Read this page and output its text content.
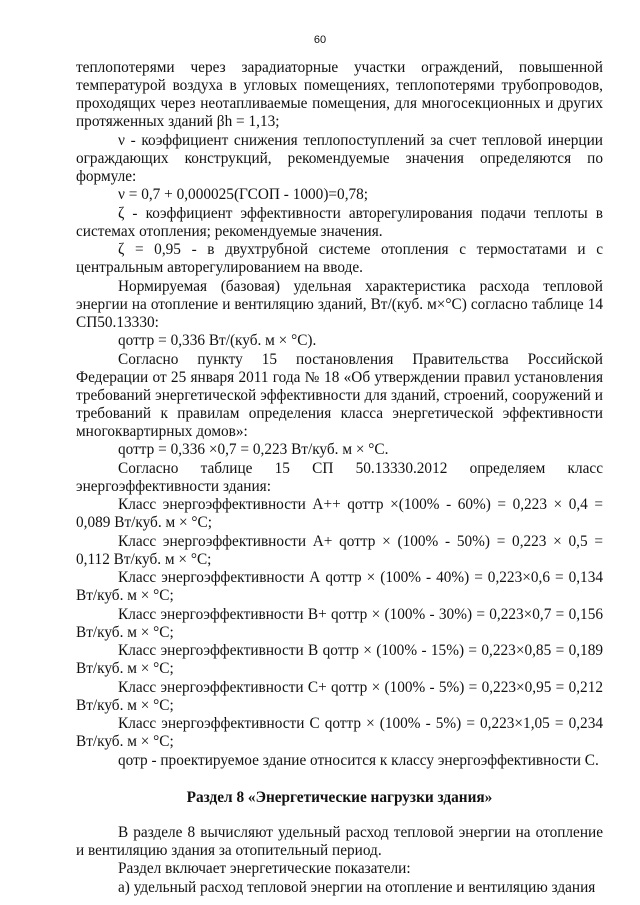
60

теплопотерями через зарадиаторные участки ограждений, повышенной температурой воздуха в угловых помещениях, теплопотерями трубопроводов, проходящих через неотапливаемые помещения, для многосекционных и других протяженных зданий βh = 1,13;

ν - коэффициент снижения теплопоступлений за счет тепловой инерции ограждающих конструкций, рекомендуемые значения определяются по формуле:

ν = 0,7 + 0,000025(ГСОП - 1000)=0,78;

ζ - коэффициент эффективности авторегулирования подачи теплоты в системах отопления; рекомендуемые значения.

ζ = 0,95 - в двухтрубной системе отопления с термостатами и с центральным авторегулированием на вводе.

Нормируемая (базовая) удельная характеристика расхода тепловой энергии на отопление и вентиляцию зданий, Вт/(куб. м×°С) согласно таблице 14 СП50.13330:

qоттр = 0,336 Вт/(куб. м × °С).

Согласно пункту 15 постановления Правительства Российской Федерации от 25 января 2011 года № 18 «Об утверждении правил установления требований энергетической эффективности для зданий, строений, сооружений и требований к правилам определения класса энергетической эффективности многоквартирных домов»:

qоттр = 0,336 ×0,7 = 0,223 Вт/куб. м × °С.

Согласно таблице 15 СП 50.13330.2012 определяем класс энергоэффективности здания:

Класс энергоэффективности А++ qоттр ×(100% - 60%) = 0,223 × 0,4 = 0,089 Вт/куб. м × °С;

Класс энергоэффективности А+ qоттр × (100% - 50%) = 0,223 × 0,5 = 0,112 Вт/куб. м × °С;

Класс энергоэффективности А qоттр × (100% - 40%) = 0,223×0,6 = 0,134 Вт/куб. м × °С;

Класс энергоэффективности В+ qоттр × (100% - 30%) = 0,223×0,7 = 0,156 Вт/куб. м × °С;

Класс энергоэффективности В qоттр × (100% - 15%) = 0,223×0,85 = 0,189 Вт/куб. м × °С;

Класс энергоэффективности С+ qоттр × (100% - 5%) = 0,223×0,95 = 0,212 Вт/куб. м × °С;

Класс энергоэффективности С qоттр × (100% - 5%) = 0,223×1,05 = 0,234 Вт/куб. м × °С;

qотр - проектируемое здание относится к классу энергоэффективности С.

Раздел 8 «Энергетические нагрузки здания»

В разделе 8 вычисляют удельный расход тепловой энергии на отопление и вентиляцию здания за отопительный период.

Раздел включает энергетические показатели:

а) удельный расход тепловой энергии на отопление и вентиляцию здания
